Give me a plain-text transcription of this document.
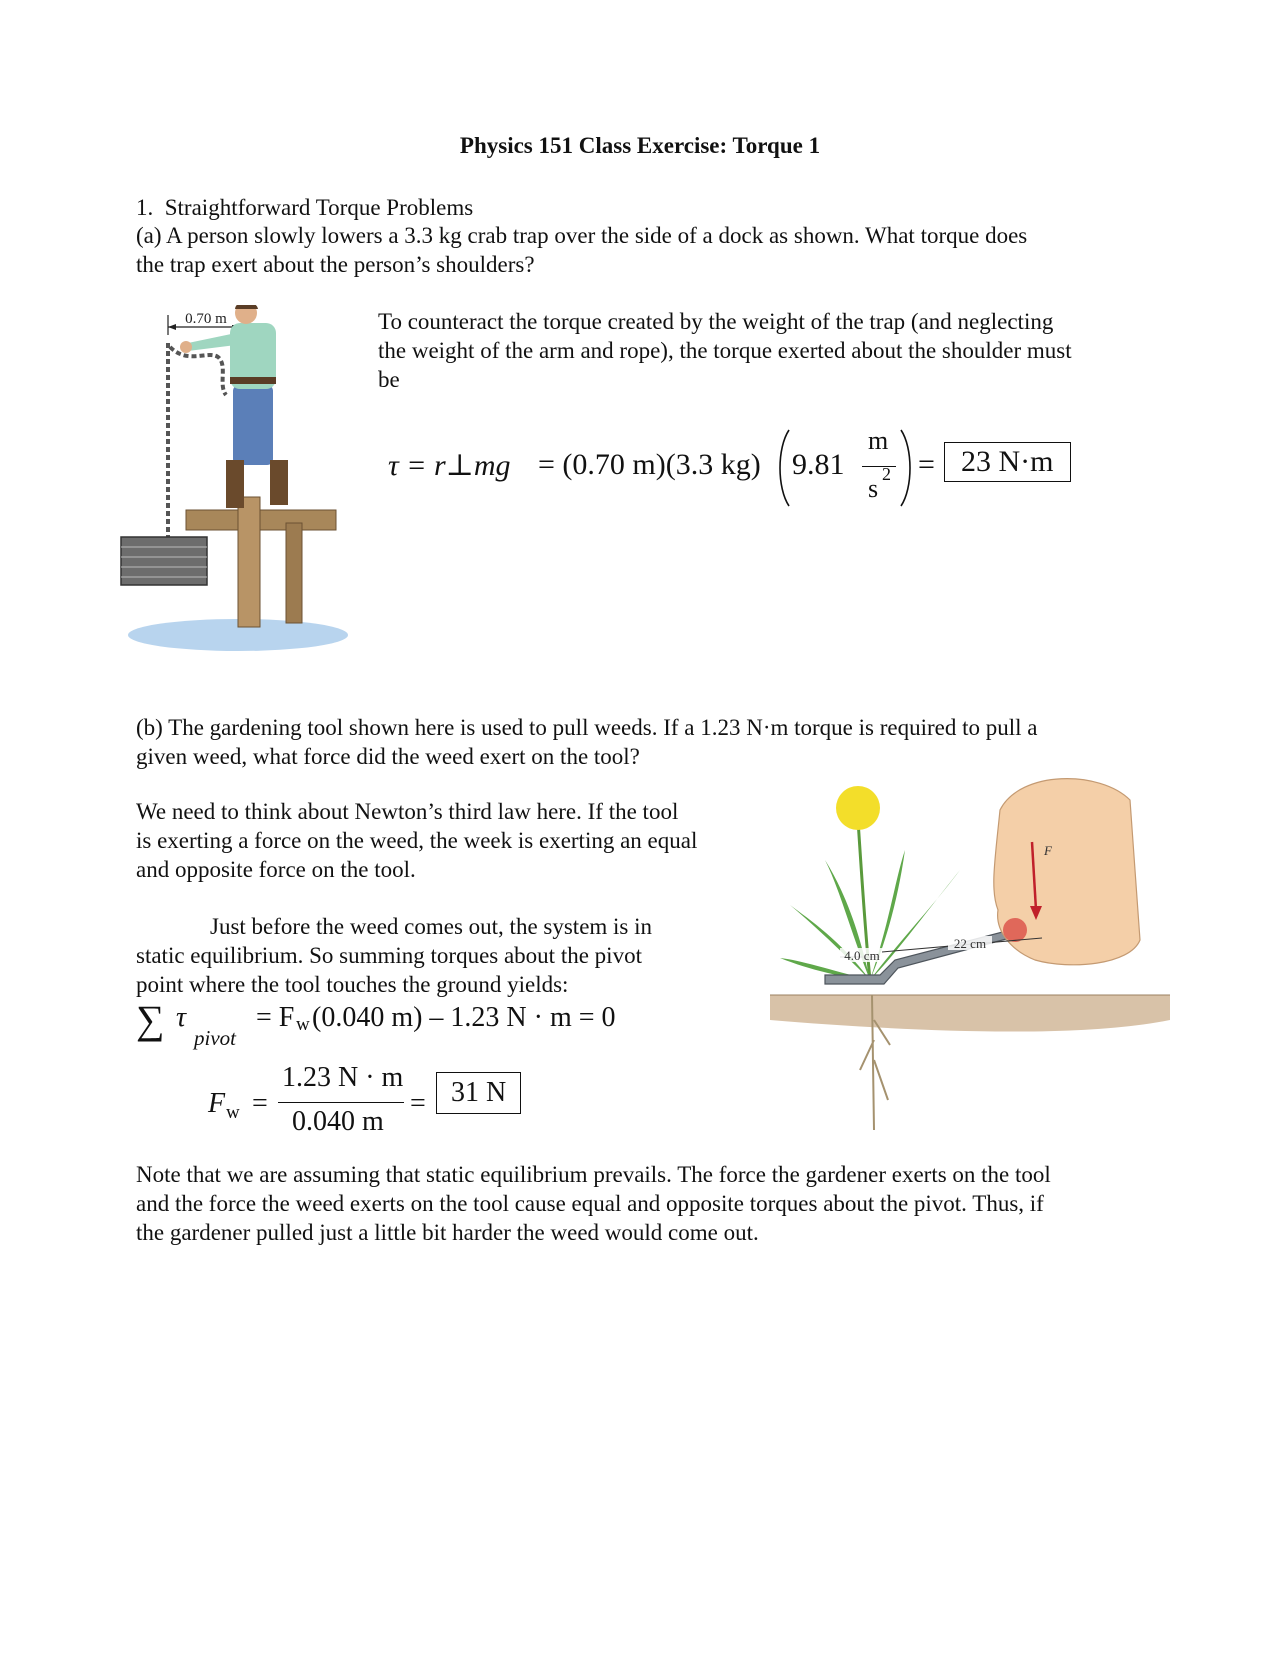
Physics 151 Class Exercise: Torque 1
1. Straightforward Torque Problems
(a) A person slowly lowers a 3.3 kg crab trap over the side of a dock as shown. What torque does
the trap exert about the person’s shoulders?
0.70 m	To counteract the torque created by the weight of the trap (and neglecting
the weight of the arm and rope), the torque exerted about the shoulder must
be
τ = r⊥mg = (0.70 m)(3.3 kg) 9.81
m
s 2 = 23 N·m
(b) The gardening tool shown here is used to pull weeds. If a 1.23 N·m torque is required to pull a
given weed, what force did the weed exert on the tool?
We need to think about Newton’s third law here. If the tool
is exerting a force on the weed, the week is exerting an equal
and opposite force on the tool.
Just before the weed comes out, the system is in
static equilibrium. So summing torques about the pivot
point where the tool touches the ground yields:
∑ τ
pivot
= F w (0.040 m) – 1.23 N · m = 0
F w =
1.23 N · m
0.040 m
= 31 N
F
4.0 cm
22 cm
Note that we are assuming that static equilibrium prevails. The force the gardener exerts on the tool
and the force the weed exerts on the tool cause equal and opposite torques about the pivot. Thus, if
the gardener pulled just a little bit harder the weed would come out.
